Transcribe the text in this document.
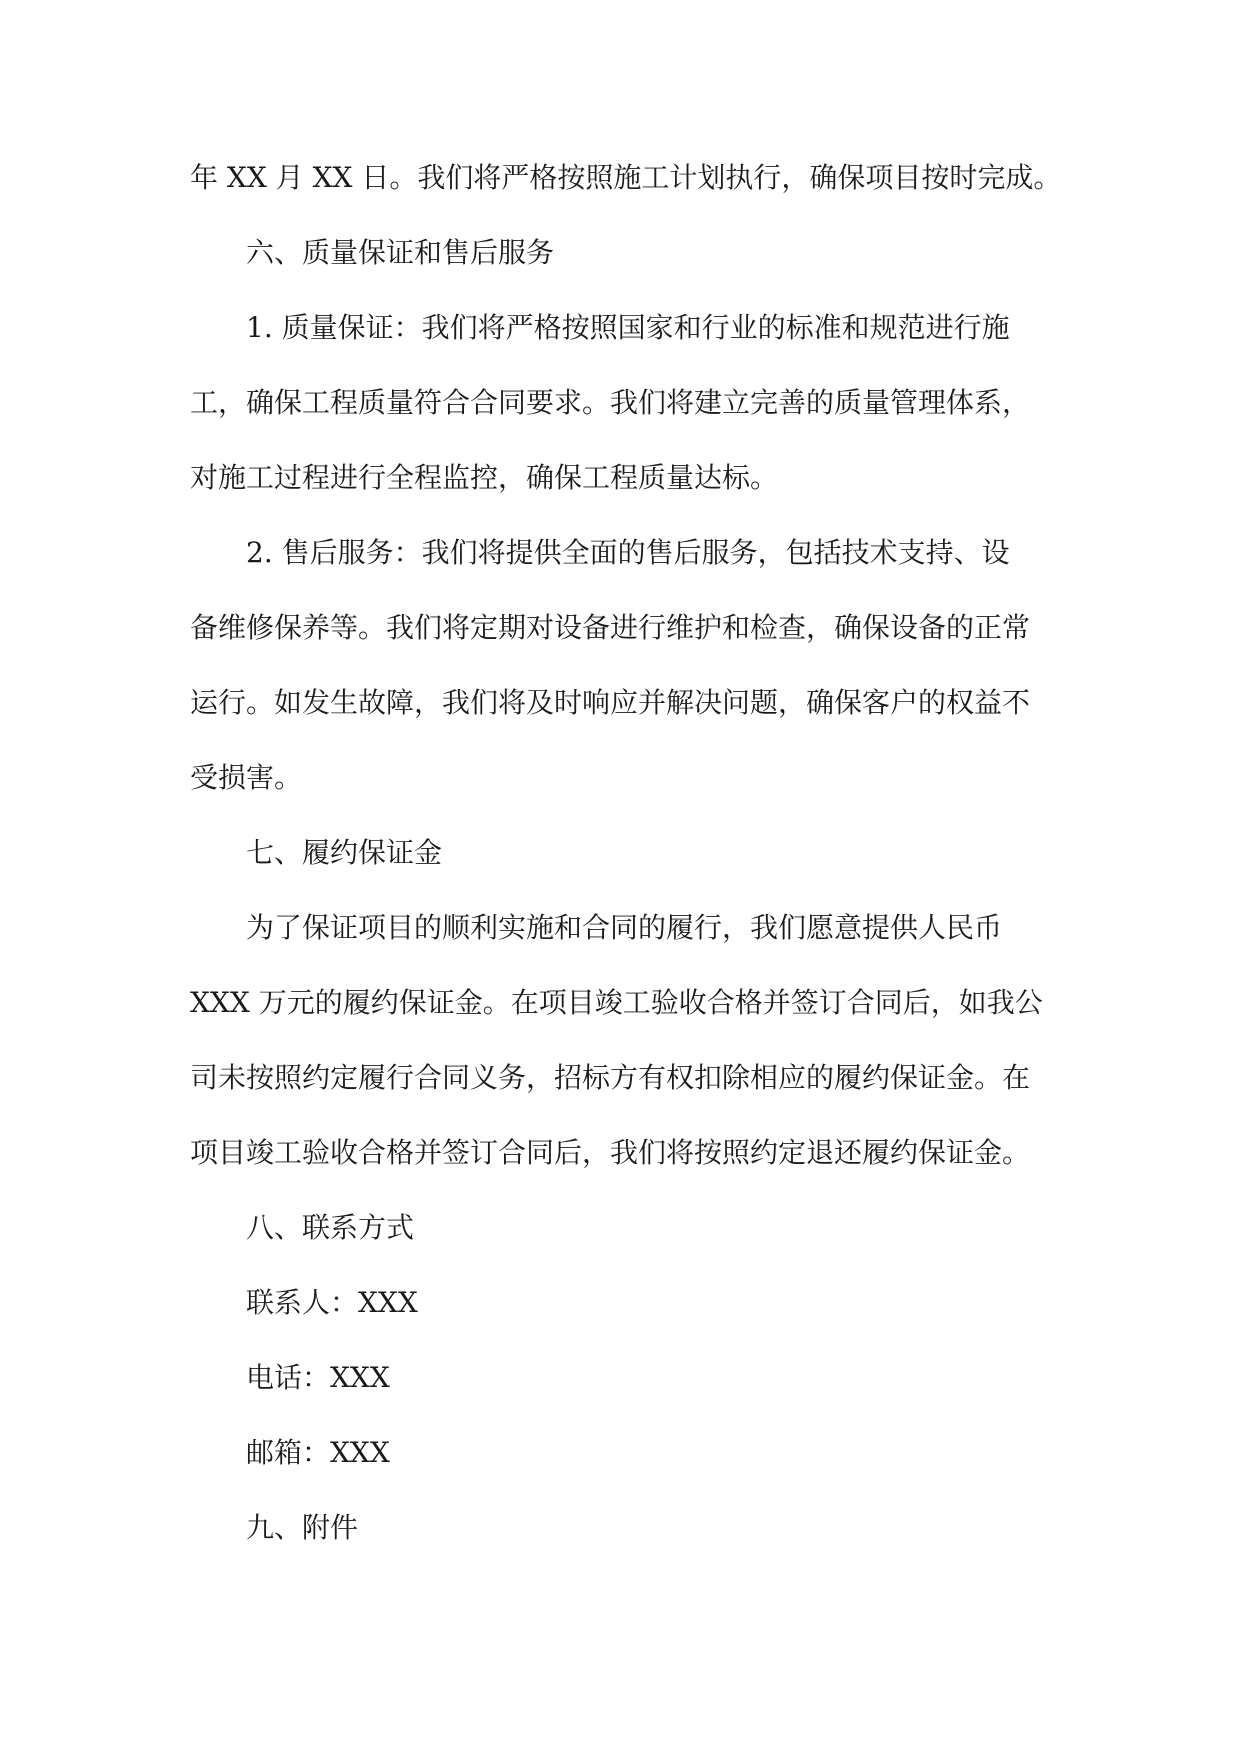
年 XX 月 XX 日。我们将严格按照施工计划执行，确保项目按时完成。
六、质量保证和售后服务
1. 质量保证：我们将严格按照国家和行业的标准和规范进行施
工，确保工程质量符合合同要求。我们将建立完善的质量管理体系，
对施工过程进行全程监控，确保工程质量达标。
2. 售后服务：我们将提供全面的售后服务，包括技术支持、设
备维修保养等。我们将定期对设备进行维护和检查，确保设备的正常
运行。如发生故障，我们将及时响应并解决问题，确保客户的权益不
受损害。
七、履约保证金
为了保证项目的顺利实施和合同的履行，我们愿意提供人民币
XXX 万元的履约保证金。在项目竣工验收合格并签订合同后，如我公
司未按照约定履行合同义务，招标方有权扣除相应的履约保证金。在
项目竣工验收合格并签订合同后，我们将按照约定退还履约保证金。
八、联系方式
联系人：XXX
电话：XXX
邮箱：XXX
九、附件
